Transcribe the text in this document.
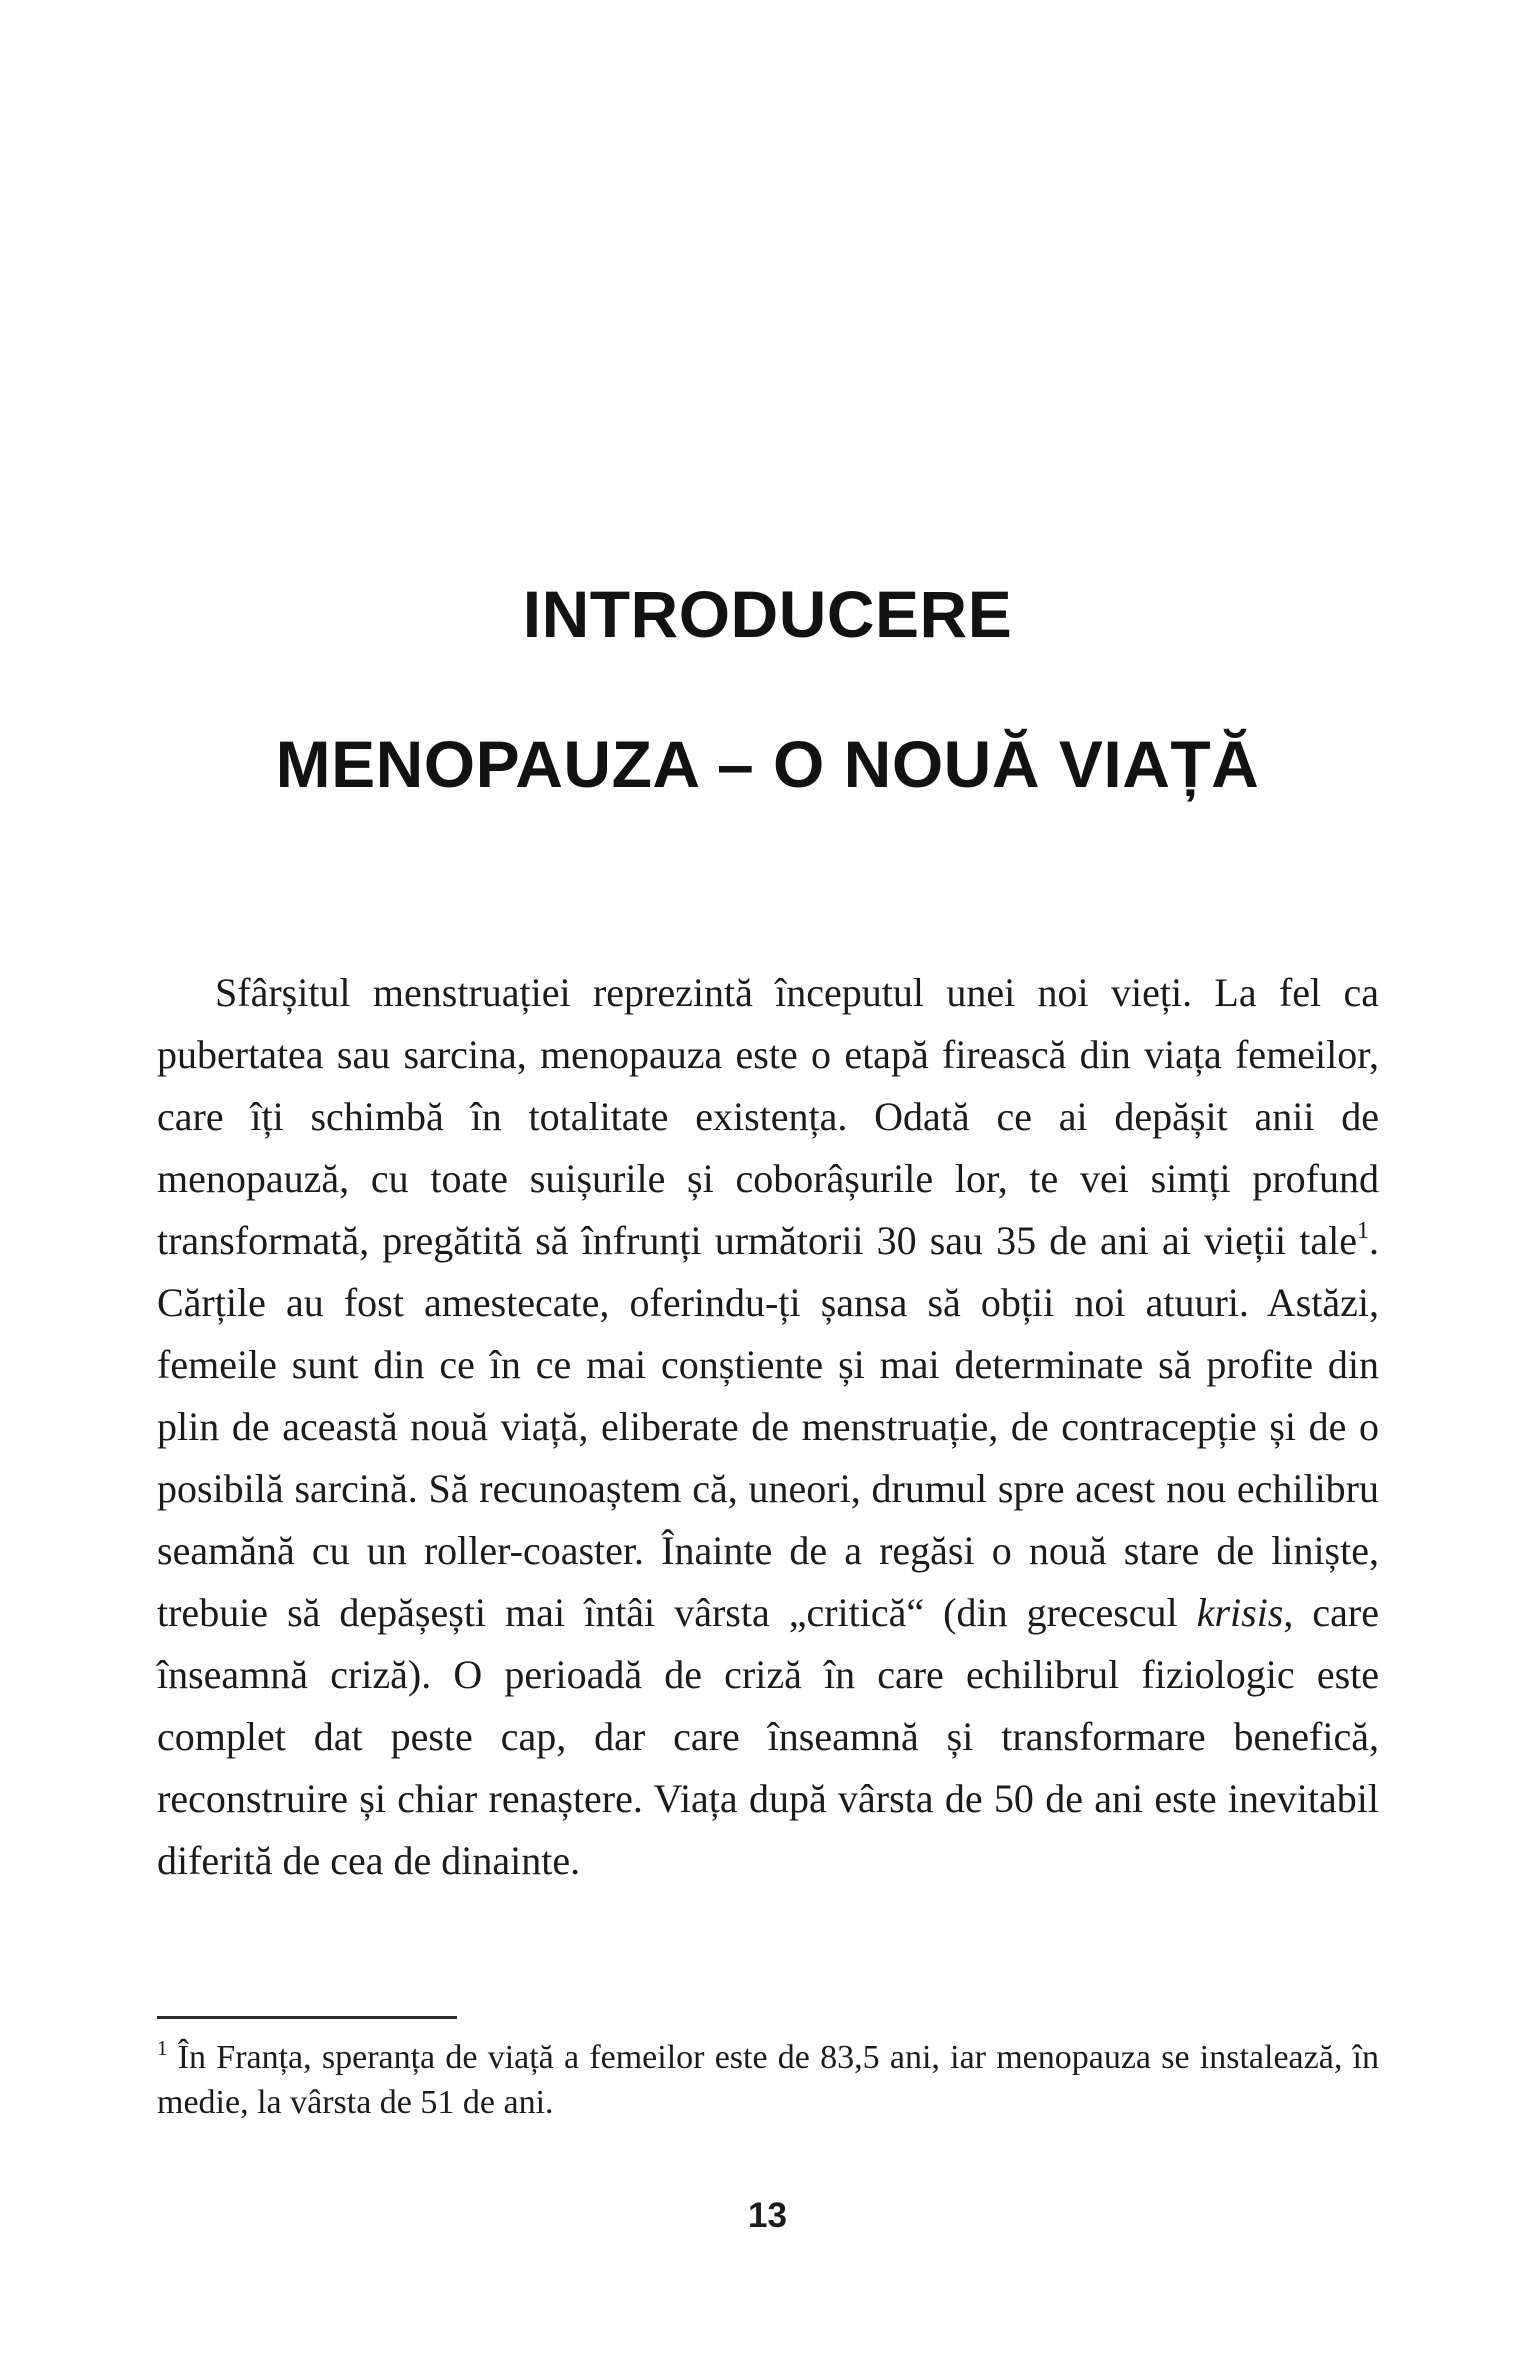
INTRODUCERE
MENOPAUZA – O NOUĂ VIAȚĂ

Sfârșitul menstruației reprezintă începutul unei noi vieți. La fel ca pubertatea sau sarcina, menopauza este o etapă firească din viața femeilor, care îți schimbă în totalitate existența. Odată ce ai depășit anii de menopauză, cu toate suișurile și coborâșurile lor, te vei simți profund transformată, pregătită să înfrunți următorii 30 sau 35 de ani ai vieții tale$^1$. Cărțile au fost amestecate, oferindu-ți șansa să obții noi atuuri. Astăzi, femeile sunt din ce în ce mai conștiente și mai determinate să profite din plin de această nouă viață, eliberate de menstruație, de contracepție și de o posibilă sarcină. Să recunoaștem că, uneori, drumul spre acest nou echilibru seamănă cu un roller-coaster. Înainte de a regăsi o nouă stare de liniște, trebuie să depășești mai întâi vârsta „critică“ (din grecescul krisis, care înseamnă criză). O perioadă de criză în care echilibrul fiziologic este complet dat peste cap, dar care înseamnă și transformare benefică, reconstruire și chiar renaștere. Viața după vârsta de 50 de ani este inevitabil diferită de cea de dinainte.

$^1$ În Franța, speranța de viață a femeilor este de 83,5 ani, iar menopauza se instalează, în medie, la vârsta de 51 de ani.

13
